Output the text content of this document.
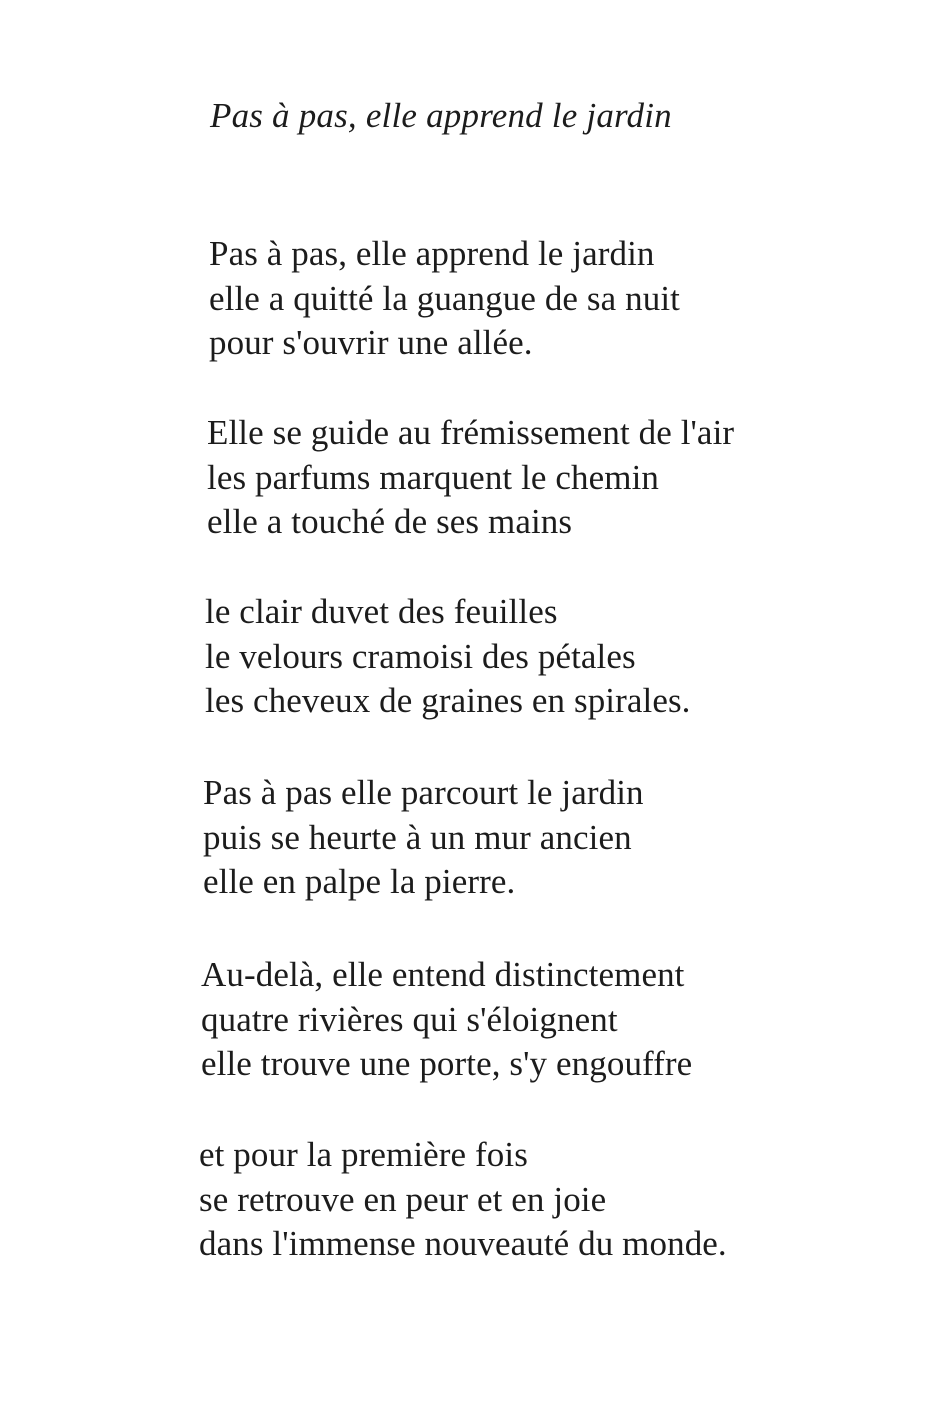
Pas à pas, elle apprend le jardin
Pas à pas, elle apprend le jardin
elle a quitté la guangue de sa nuit
pour s'ouvrir une allée.
Elle se guide au frémissement de l'air
les parfums marquent le chemin
elle a touché de ses mains
le clair duvet des feuilles
le velours cramoisi des pétales
les cheveux de graines en spirales.
Pas à pas elle parcourt le jardin
puis se heurte à un mur ancien
elle en palpe la pierre.
Au-delà, elle entend distinctement
quatre rivières qui s'éloignent
elle trouve une porte, s'y engouffre
et pour la première fois
se retrouve en peur et en joie
dans l'immense nouveauté du monde.
